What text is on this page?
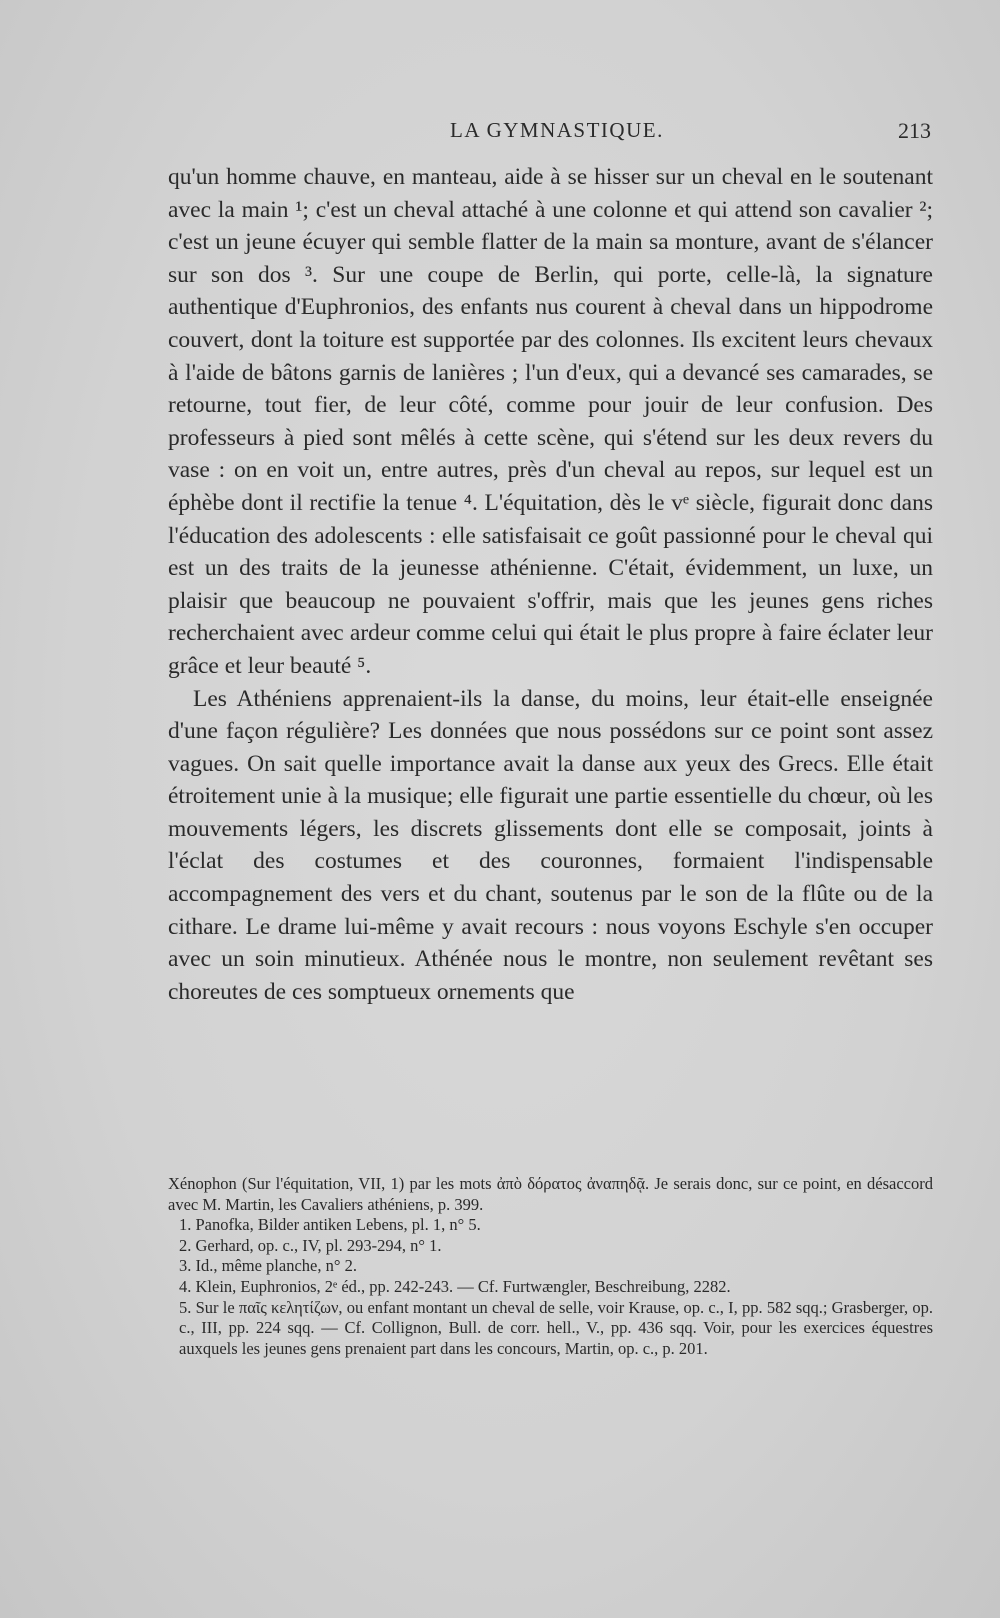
LA GYMNASTIQUE.	213

qu'un homme chauve, en manteau, aide à se hisser sur un cheval en le soutenant avec la main ¹; c'est un cheval attaché à une colonne et qui attend son cavalier ²; c'est un jeune écuyer qui semble flatter de la main sa monture, avant de s'élancer sur son dos ³. Sur une coupe de Berlin, qui porte, celle-là, la signature authentique d'Euphronios, des enfants nus courent à cheval dans un hippodrome couvert, dont la toiture est supportée par des colonnes. Ils excitent leurs chevaux à l'aide de bâtons garnis de lanières ; l'un d'eux, qui a devancé ses camarades, se retourne, tout fier, de leur côté, comme pour jouir de leur confusion. Des professeurs à pied sont mêlés à cette scène, qui s'étend sur les deux revers du vase : on en voit un, entre autres, près d'un cheval au repos, sur lequel est un éphèbe dont il rectifie la tenue ⁴. L'équitation, dès le vᵉ siècle, figurait donc dans l'éducation des adolescents : elle satisfaisait ce goût passionné pour le cheval qui est un des traits de la jeunesse athénienne. C'était, évidemment, un luxe, un plaisir que beaucoup ne pouvaient s'offrir, mais que les jeunes gens riches recherchaient avec ardeur comme celui qui était le plus propre à faire éclater leur grâce et leur beauté ⁵.

Les Athéniens apprenaient-ils la danse, du moins, leur était-elle enseignée d'une façon régulière? Les données que nous possédons sur ce point sont assez vagues. On sait quelle importance avait la danse aux yeux des Grecs. Elle était étroitement unie à la musique; elle figurait une partie essentielle du chœur, où les mouvements légers, les discrets glissements dont elle se composait, joints à l'éclat des costumes et des couronnes, formaient l'indispensable accompagnement des vers et du chant, soutenus par le son de la flûte ou de la cithare. Le drame lui-même y avait recours : nous voyons Eschyle s'en occuper avec un soin minutieux. Athénée nous le montre, non seulement revêtant ses choreutes de ces somptueux ornements que

Xénophon (Sur l'équitation, VII, 1) par les mots ἀπὸ δόρατος ἀναπηδᾷ. Je serais donc, sur ce point, en désaccord avec M. Martin, les Cavaliers athéniens, p. 399.

1. Panofka, Bilder antiken Lebens, pl. 1, n° 5.

2. Gerhard, op. c., IV, pl. 293-294, n° 1.

3. Id., même planche, n° 2.

4. Klein, Euphronios, 2ᵉ éd., pp. 242-243. — Cf. Furtwængler, Beschreibung, 2282.

5. Sur le παῖς κελητίζων, ou enfant montant un cheval de selle, voir Krause, op. c., I, pp. 582 sqq.; Grasberger, op. c., III, pp. 224 sqq. — Cf. Collignon, Bull. de corr. hell., V., pp. 436 sqq. Voir, pour les exercices équestres auxquels les jeunes gens prenaient part dans les concours, Martin, op. c., p. 201.
